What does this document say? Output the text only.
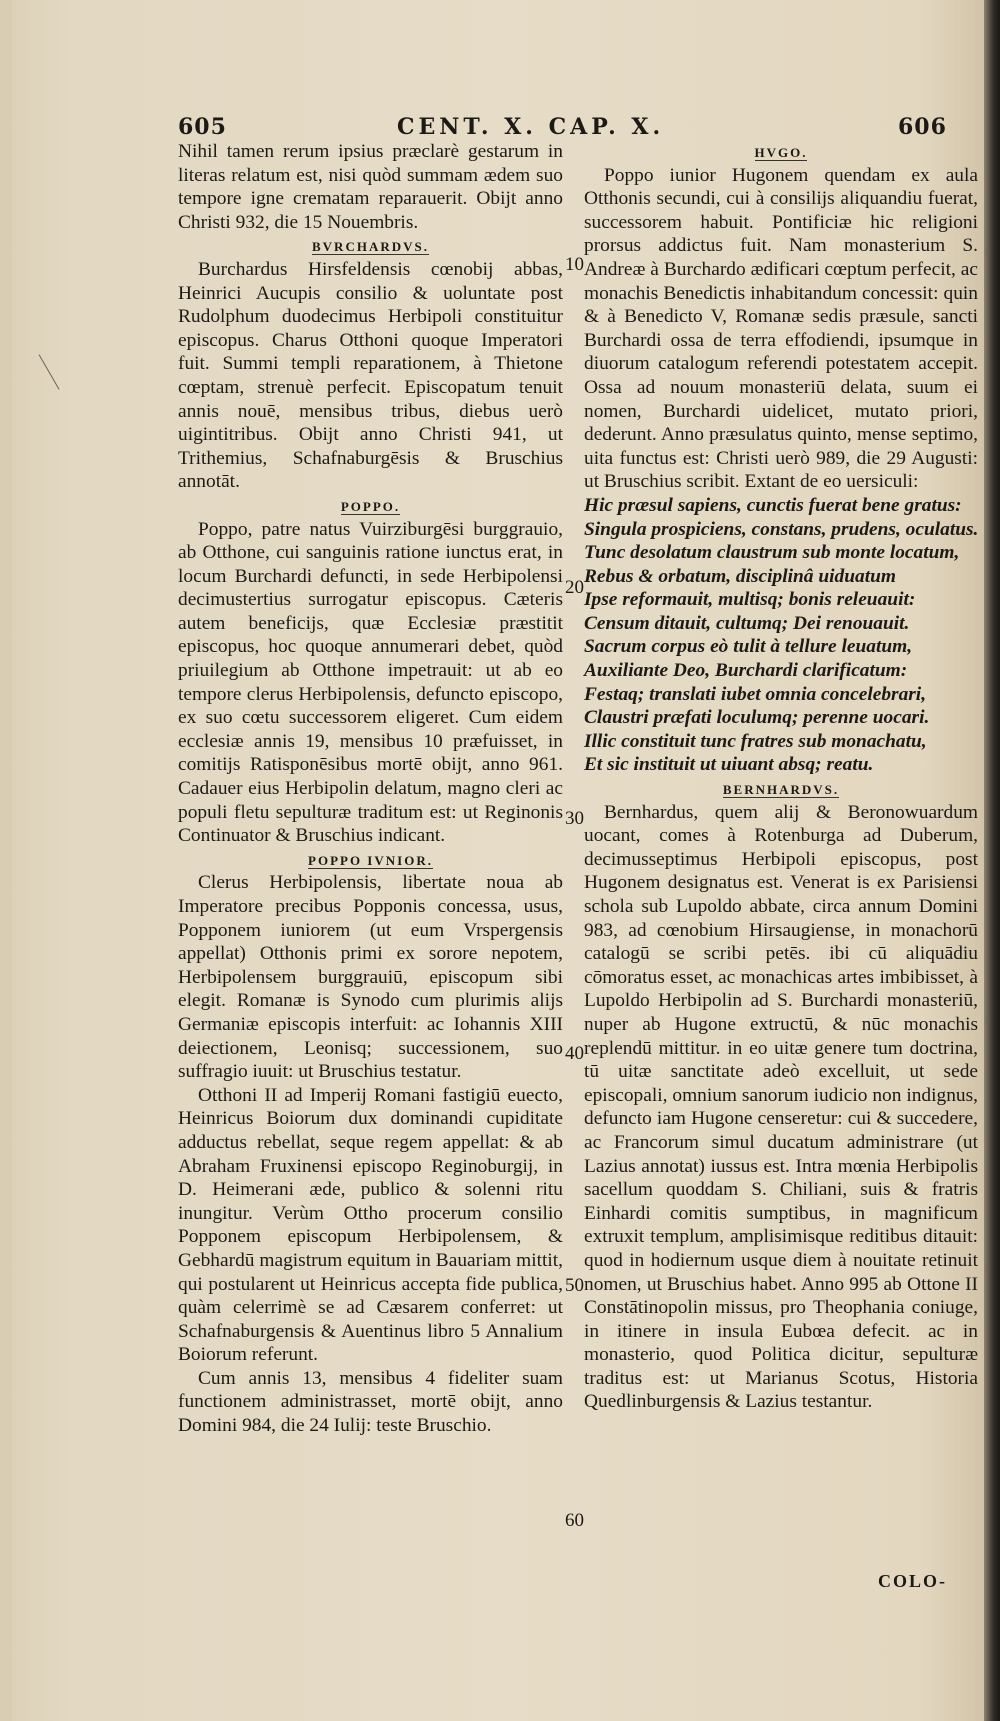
605	CENT. X. CAP. X.	606

Nihil tamen rerum ipsius præclarè gestarum in literas relatum est, nisi quòd summam ædem suo tempore igne crematam reparauerit. Obijt anno Christi 932, die 15 Nouembris.

BVRCHARDVS.

Burchardus Hirsfeldensis cœnobij abbas, Heinrici Aucupis consilio & uoluntate post Rudolphum duodecimus Herbipoli constituitur episcopus. Charus Otthoni quoque Imperatori fuit. Summi templi reparationem, à Thietone cœptam, strenuè perfecit. Episcopatum tenuit annis nouē, mensibus tribus, diebus uerò uigintitribus. Obijt anno Christi 941, ut Trithemius, Schafnaburgēsis & Bruschius annotāt.

POPPO.

Poppo, patre natus Vuirziburgēsi burggrauio, ab Otthone, cui sanguinis ratione iunctus erat, in locum Burchardi defuncti, in sede Herbipolensi decimustertius surrogatur episcopus. Cæteris autem beneficijs, quæ Ecclesiæ præstitit episcopus, hoc quoque annumerari debet, quòd priuilegium ab Otthone impetrauit: ut ab eo tempore clerus Herbipolensis, defuncto episcopo, ex suo cœtu successorem eligeret. Cum eidem ecclesiæ annis 19, mensibus 10 præfuisset, in comitijs Ratisponēsibus mortē obijt, anno 961. Cadauer eius Herbipolin delatum, magno cleri ac populi fletu sepulturæ traditum est: ut Reginonis Continuator & Bruschius indicant.

POPPO IVNIOR.

Clerus Herbipolensis, libertate noua ab Imperatore precibus Popponis concessa, usus, Popponem iuniorem (ut eum Vrspergensis appellat) Otthonis primi ex sorore nepotem, Herbipolensem burggrauiū, episcopum sibi elegit. Romanæ is Synodo cum plurimis alijs Germaniæ episcopis interfuit: ac Iohannis XIII deiectionem, Leonisq; successionem, suo suffragio iuuit: ut Bruschius testatur.

Otthoni II ad Imperij Romani fastigiū euecto, Heinricus Boiorum dux dominandi cupiditate adductus rebellat, seque regem appellat: & ab Abraham Fruxinensi episcopo Reginoburgij, in D. Heimerani æde, publico & solenni ritu inungitur. Verùm Ottho procerum consilio Popponem episcopum Herbipolensem, & Gebhardū magistrum equitum in Bauariam mittit, qui postularent ut Heinricus accepta fide publica, quàm celerrimè se ad Cæsarem conferret: ut Schafnaburgensis & Auentinus libro 5 Annalium Boiorum referunt.

Cum annis 13, mensibus 4 fideliter suam functionem administrasset, mortē obijt, anno Domini 984, die 24 Iulij: teste Bruschio.

HVGO.

Poppo iunior Hugonem quendam ex aula Otthonis secundi, cui à consilijs aliquandiu fuerat, successorem habuit. Pontificiæ hic religioni prorsus addictus fuit. Nam monasterium S. Andreæ à Burchardo ædificari cœptum perfecit, ac monachis Benedictis inhabitandum concessit: quin & à Benedicto V, Romanæ sedis præsule, sancti Burchardi ossa de terra effodiendi, ipsumque in diuorum catalogum referendi potestatem accepit. Ossa ad nouum monasteriū delata, suum ei nomen, Burchardi uidelicet, mutato priori, dederunt. Anno præsulatus quinto, mense septimo, uita functus est: Christi uerò 989, die 29 Augusti: ut Bruschius scribit. Extant de eo uersiculi:

Hic præsul sapiens, cunctis fuerat bene gratus:
Singula prospiciens, constans, prudens, oculatus.
Tunc desolatum claustrum sub monte locatum,
Rebus & orbatum, disciplinâ uiduatum
Ipse reformauit, multisq; bonis releuauit:
Censum ditauit, cultumq; Dei renouauit.
Sacrum corpus eò tulit à tellure leuatum,
Auxiliante Deo, Burchardi clarificatum:
Festaq; translati iubet omnia concelebrari,
Claustri præfati loculumq; perenne uocari.
Illic constituit tunc fratres sub monachatu,
Et sic instituit ut uiuant absq; reatu.
BERNHARDVS.

Bernhardus, quem alij & Beronowuardum uocant, comes à Rotenburga ad Duberum, decimusseptimus Herbipoli episcopus, post Hugonem designatus est. Venerat is ex Parisiensi schola sub Lupoldo abbate, circa annum Domini 983, ad cœnobium Hirsaugiense, in monachorū catalogū se scribi petēs. ibi cū aliquādiu cōmoratus esset, ac monachicas artes imbibisset, à Lupoldo Herbipolin ad S. Burchardi monasteriū, nuper ab Hugone extructū, & nūc monachis replendū mittitur. in eo uitæ genere tum doctrina, tū uitæ sanctitate adeò excelluit, ut sede episcopali, omnium sanorum iudicio non indignus, defuncto iam Hugone censeretur: cui & succedere, ac Francorum simul ducatum administrare (ut Lazius annotat) iussus est. Intra mœnia Herbipolis sacellum quoddam S. Chiliani, suis & fratris Einhardi comitis sumptibus, in magnificum extruxit templum, amplisimisque reditibus ditauit: quod in hodiernum usque diem à nouitate retinuit nomen, ut Bruschius habet. Anno 995 ab Ottone II Constātinopolin missus, pro Theophania coniuge, in itinere in insula Eubœa defecit. ac in monasterio, quod Politica dicitur, sepulturæ traditus est: ut Marianus Scotus, Historia Quedlinburgensis & Lazius testantur.

10
20
30
40
50
60
COLO-
